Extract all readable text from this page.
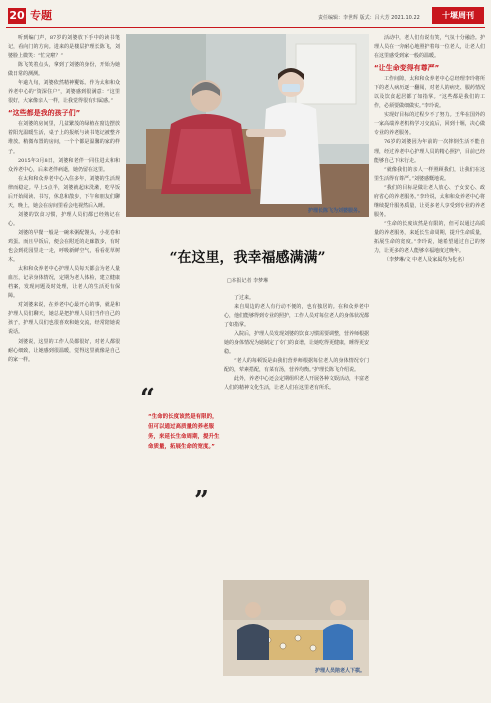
20 专题	责任编辑：李世辉 版式：吕大芳 2021.10.22	十堰周刊

听到编门声，87岁的刘婆放下手中的读书笔记，看向门的方向。进来的是楼层护理长陈飞，刘婆脸上微笑：“忙完啦？”

陈飞笑着点头，拿到了刘婆的身份，开始为她做日常的测测。

年逾九旬，刘婆依然精神矍铄。作为太和和众养老中心的“资深住户”，刘婆感到很满意：“这里很好，大家像亲人一样，让我觉得很有归属感。”

“这些都是我的孩子们”

在刘婆的房间里，几盆繁茂的绿植在窗边摆放着阳光温暖生活，桌子上的报纸与读书笔记被整齐堆放。稍微布置的房间，一个个都是温馨的家的样子。

2015年3月8日，刘婆和老伴一同住进太和和众养老中心，后来老伴病逝，她仍留在这里。

在太和和众养老中心入住多年，刘婆的生活规律而稳定。早上5点半，刘婆就起床洗漱，吃早饭后开始阅读、书写，休息和散步，下午和朋友们聊天，晚上，她会在房间里看会电视然后入睡。

刘婆的饮食习惯，护理人员们都已经熟记在心。

刘婆的早餐一般是一碗米粥配馒头，小花卷和鸡蛋。而且早饭后，便会在附近的走廊散步，有时也会到花园里走一走，呼吸新鲜空气，看看花草树木。

太和和众养老中心护理人员每天都会为老人量血压，记录身体情况，定期为老人体检，建立健康档案，发现问题及时处理，让老人的生活更有保障。

对刘婆来说，在养老中心最开心的事，就是和护理人员们聊天，她总是把护理人员们当作自己的孩子，护理人员们也很喜欢和她交流，经常陪她说说话。

刘婆说，这里的工作人员都很好，对老人都很耐心细致，让她感到很温暖，觉得这里就像是自己的家一样。

护理长陈飞为刘婆服务。
“在这里，我幸福感满满”
□本报记者 李梦琳

了过来。

来自周边的老人有行动不便的，也有独居的。在和众养老中心，他们能够得到专业的照护，工作人员对每位老人的身体状况都了如指掌。

入院后，护理人员发现刘婆的饮食习惯需要调整，营养师根据她的身体情况为她制定了专门的食谱，让她吃得更健康，睡得更安稳。

“老人的每顿饭是由我们营养师根据每位老人的身体情况专门配的，荤素搭配，有菜有汤，营养均衡。”护理长陈飞介绍说。

此外，养老中心还会定期组织老人开展各种文娱活动，丰富老人们的精神文化生活，让老人们在这里老有所乐。

“
“生命的长度该然是有限的，但可以通过高质量的养老服务，来延长生命周期，提升生命质量，拓展生命的宽度。”
”
护理人员陪老人下棋。

活动中，老人们有说有笑，气氛十分融洽。护理人员在一旁耐心地照护着每一位老人，让老人们在这里感受到家一般的温暖。

“让生命变得有尊严”

工作间隙，太和和众养老中心总经理李玲将所下的老人病历逐一翻阅，对老人的病史、服药情况以及饮食起居都了如指掌。“这些都是我们的工作，必须要做细做实。”李玲说。

实现好目标的过程少不了努力。王华在国外的一家高端养老机构学习交流后，回到十堰，决心做专业的养老服务。

76岁的刘婆因为年前的一次摔倒生活不能自理，经过养老中心护理人员的精心照护，目前已经能够自己下床行走。

“就像我们的亲人一样照顾我们，让我们在这里生活得有尊严。”刘婆感慨地说。

“我们的目标是做让老人放心、子女安心、政府省心的养老服务。”李玲说，太和和众养老中心将继续提升服务质量，让更多老人享受到专业的养老服务。

“生命的长度该然是有限的，但可以通过高质量的养老服务，来延长生命周期，提升生命质量，拓展生命的宽度。”李玲说，她希望通过自己的努力，让更多的老人能够幸福地度过晚年。

（李梦琳/文 中老人及家属均为化名）
